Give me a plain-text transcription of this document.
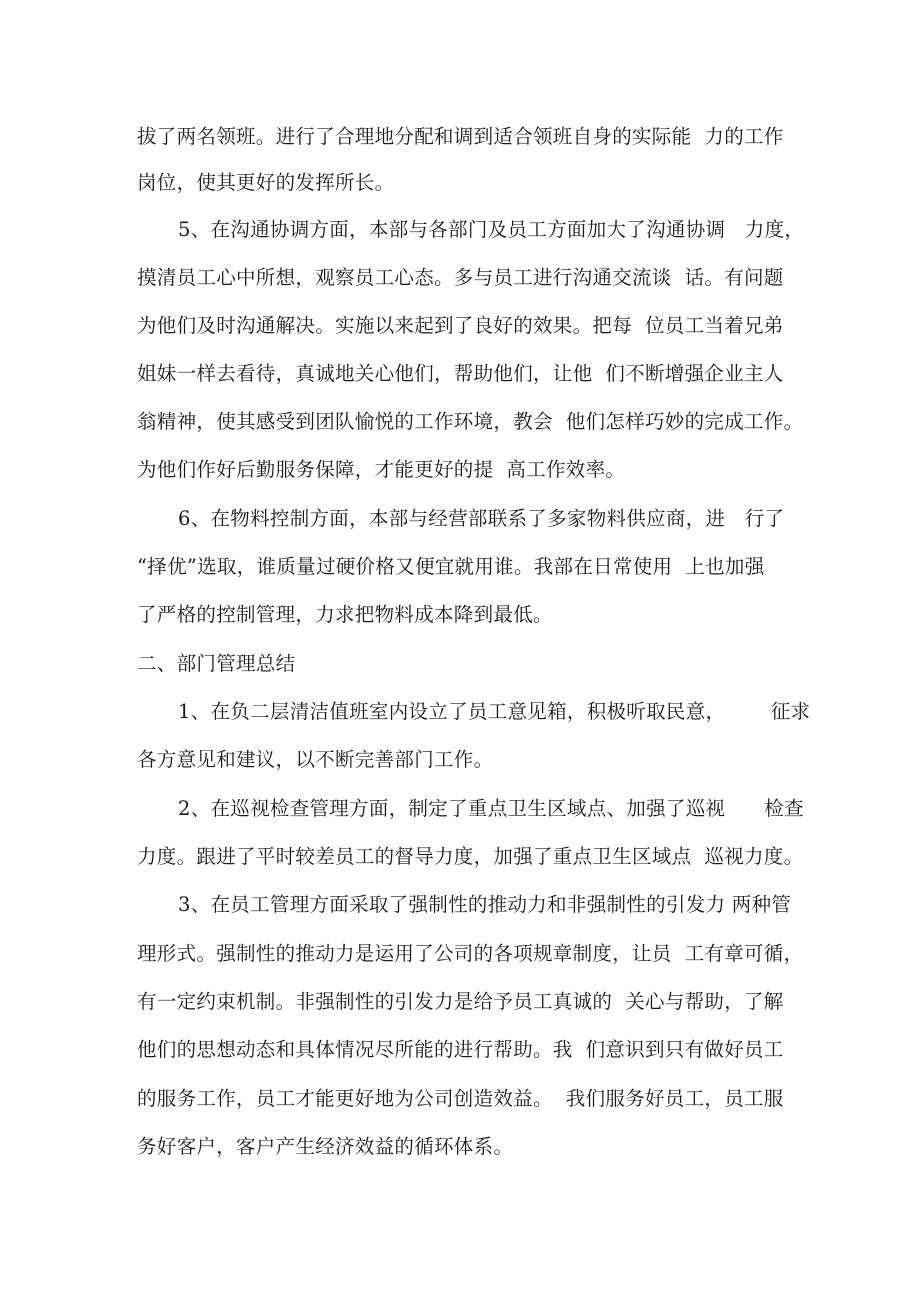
拔了两名领班。进行了合理地分配和调到适合领班自身的实际能  力的工作
岗位，使其更好的发挥所长。
5、在沟通协调方面，本部与各部门及员工方面加大了沟通协调   力度，
摸清员工心中所想，观察员工心态。多与员工进行沟通交流谈  话。有问题
为他们及时沟通解决。实施以来起到了良好的效果。把每  位员工当着兄弟
姐妹一样去看待，真诚地关心他们，帮助他们，让他  们不断增强企业主人
翁精神，使其感受到团队愉悦的工作环境，教会  他们怎样巧妙的完成工作。
为他们作好后勤服务保障，才能更好的提  高工作效率。
6、在物料控制方面，本部与经营部联系了多家物料供应商，进   行了
“择优”选取，谁质量过硬价格又便宜就用谁。我部在日常使用  上也加强
了严格的控制管理，力求把物料成本降到最低。
二、部门管理总结
1、在负二层清洁值班室内设立了员工意见箱，积极听取民意，       征求
各方意见和建议，以不断完善部门工作。
2、在巡视检查管理方面，制定了重点卫生区域点、加强了巡视      检查
力度。跟进了平时较差员工的督导力度，加强了重点卫生区域点  巡视力度。
3、在员工管理方面采取了强制性的推动力和非强制性的引发力 两种管
理形式。强制性的推动力是运用了公司的各项规章制度，让员  工有章可循，
有一定约束机制。非强制性的引发力是给予员工真诚的  关心与帮助，了解
他们的思想动态和具体情况尽所能的进行帮助。我  们意识到只有做好员工
的服务工作，员工才能更好地为公司创造效益。  我们服务好员工，员工服
务好客户，客户产生经济效益的循环体系。
